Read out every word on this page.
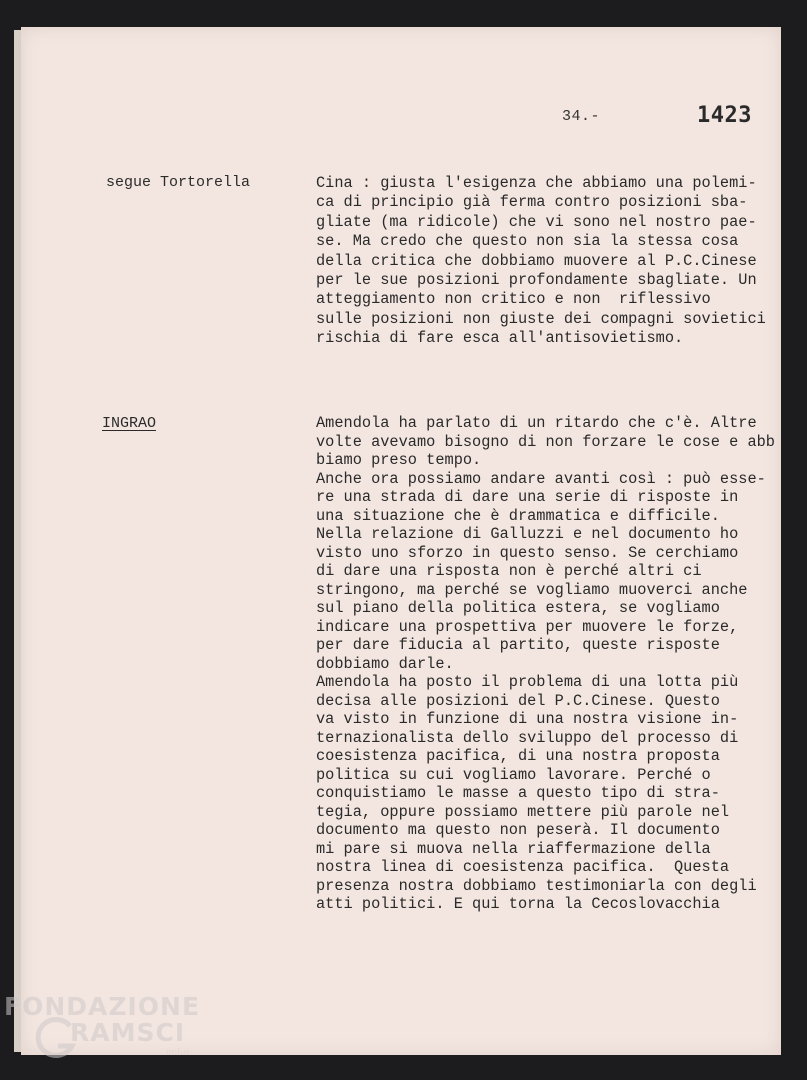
34.-	1423
segue Tortorella	Cina : giusta l'esigenza che abbiamo una polemi-
ca di principio già ferma contro posizioni sba-
gliate (ma ridicole) che vi sono nel nostro pae-
se. Ma credo che questo non sia la stessa cosa
della critica che dobbiamo muovere al P.C.Cinese
per le sue posizioni profondamente sbagliate. Un
atteggiamento non critico e non  riflessivo
sulle posizioni non giuste dei compagni sovietici
rischia di fare esca all'antisovietismo.
INGRAO	Amendola ha parlato di un ritardo che c'è. Altre
volte avevamo bisogno di non forzare le cose e abb
biamo preso tempo.
Anche ora possiamo andare avanti così : può esse-
re una strada di dare una serie di risposte in
una situazione che è drammatica e difficile.
Nella relazione di Galluzzi e nel documento ho
visto uno sforzo in questo senso. Se cerchiamo
di dare una risposta non è perché altri ci
stringono, ma perché se vogliamo muoverci anche
sul piano della politica estera, se vogliamo
indicare una prospettiva per muovere le forze,
per dare fiducia al partito, queste risposte
dobbiamo darle.
Amendola ha posto il problema di una lotta più
decisa alle posizioni del P.C.Cinese. Questo
va visto in funzione di una nostra visione in-
ternazionalista dello sviluppo del processo di
coesistenza pacifica, di una nostra proposta
politica su cui vogliamo lavorare. Perché o
conquistiamo le masse a questo tipo di stra-
tegia, oppure possiamo mettere più parole nel
documento ma questo non peserà. Il documento
mi pare si muova nella riaffermazione della
nostra linea di coesistenza pacifica.  Questa
presenza nostra dobbiamo testimoniarla con degli
atti politici. E qui torna la Cecoslovacchia
FONDAZIONE
RAMSCI
onlus
